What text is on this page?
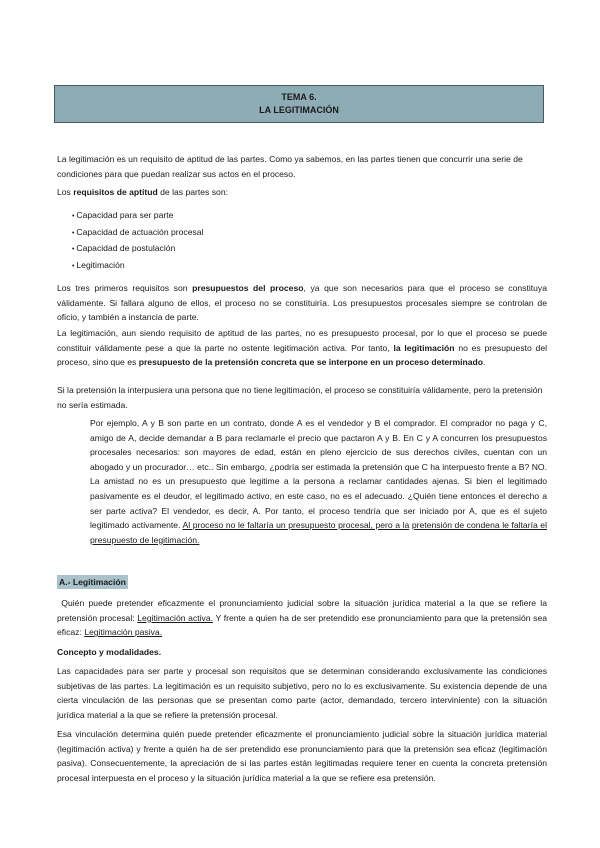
TEMA 6.
LA LEGITIMACIÓN

La legitimación es un requisito de aptitud de las partes. Como ya sabemos, en las partes tienen que concurrir una serie de condiciones para que puedan realizar sus actos en el proceso.

Los requisitos de aptitud de las partes son:

• Capacidad para ser parte
• Capacidad de actuación procesal
• Capacidad de postulación
• Legitimación

Los tres primeros requisitos son presupuestos del proceso, ya que son necesarios para que el proceso se constituya válidamente. Si fallara alguno de ellos, el proceso no se constituiría. Los presupuestos procesales siempre se controlan de oficio, y también a instancia de parte.

La legitimación, aun siendo requisito de aptitud de las partes, no es presupuesto procesal, por lo que el proceso se puede constituir válidamente pese a que la parte no ostente legitimación activa. Por tanto, la legitimación no es presupuesto del proceso, sino que es presupuesto de la pretensión concreta que se interpone en un proceso determinado.

Si la pretensión la interpusiera una persona que no tiene legitimación, el proceso se constituiría válidamente, pero la pretensión no sería estimada.

Por ejemplo, A y B son parte en un contrato, donde A es el vendedor y B el comprador. El comprador no paga y C, amigo de A, decide demandar a B para reclamarle el precio que pactaron A y B. En C y A concurren los presupuestos procesales necesarios: son mayores de edad, están en pleno ejercicio de sus derechos civiles, cuentan con un abogado y un procurador… etc.. Sin embargo, ¿podría ser estimada la pretensión que C ha interpuesto frente a B? NO. La amistad no es un presupuesto que legitime a la persona a reclamar cantidades ajenas. Si bien el legitimado pasivamente es el deudor, el legitimado activo, en este caso, no es el adecuado. ¿Quién tiene entonces el derecho a ser parte activa? El vendedor, es decir, A. Por tanto, el proceso tendría que ser iniciado por A, que es el sujeto legitimado activamente. Al proceso no le faltaría un presupuesto procesal, pero a la pretensión de condena le faltaría el presupuesto de legitimación.

A.- Legitimación

Quién puede pretender eficazmente el pronunciamiento judicial sobre la situación jurídica material a la que se refiere la pretensión procesal: Legitimación activa. Y frente a quien ha de ser pretendido ese pronunciamiento para que la pretensión sea eficaz: Legitimación pasiva.

Concepto y modalidades.

Las capacidades para ser parte y procesal son requisitos que se determinan considerando exclusivamente las condiciones subjetivas de las partes. La legitimación es un requisito subjetivo, pero no lo es exclusivamente. Su existencia depende de una cierta vinculación de las personas que se presentan como parte (actor, demandado, tercero interviniente) con la situación jurídica material a la que se refiere la pretensión procesal.

Esa vinculación determina quién puede pretender eficazmente el pronunciamiento judicial sobre la situación jurídica material (legitimación activa) y frente a quién ha de ser pretendido ese pronunciamiento para que la pretensión sea eficaz (legitimación pasiva). Consecuentemente, la apreciación de si las partes están legitimadas requiere tener en cuenta la concreta pretensión procesal interpuesta en el proceso y la situación jurídica material a la que se refiere esa pretensión.
